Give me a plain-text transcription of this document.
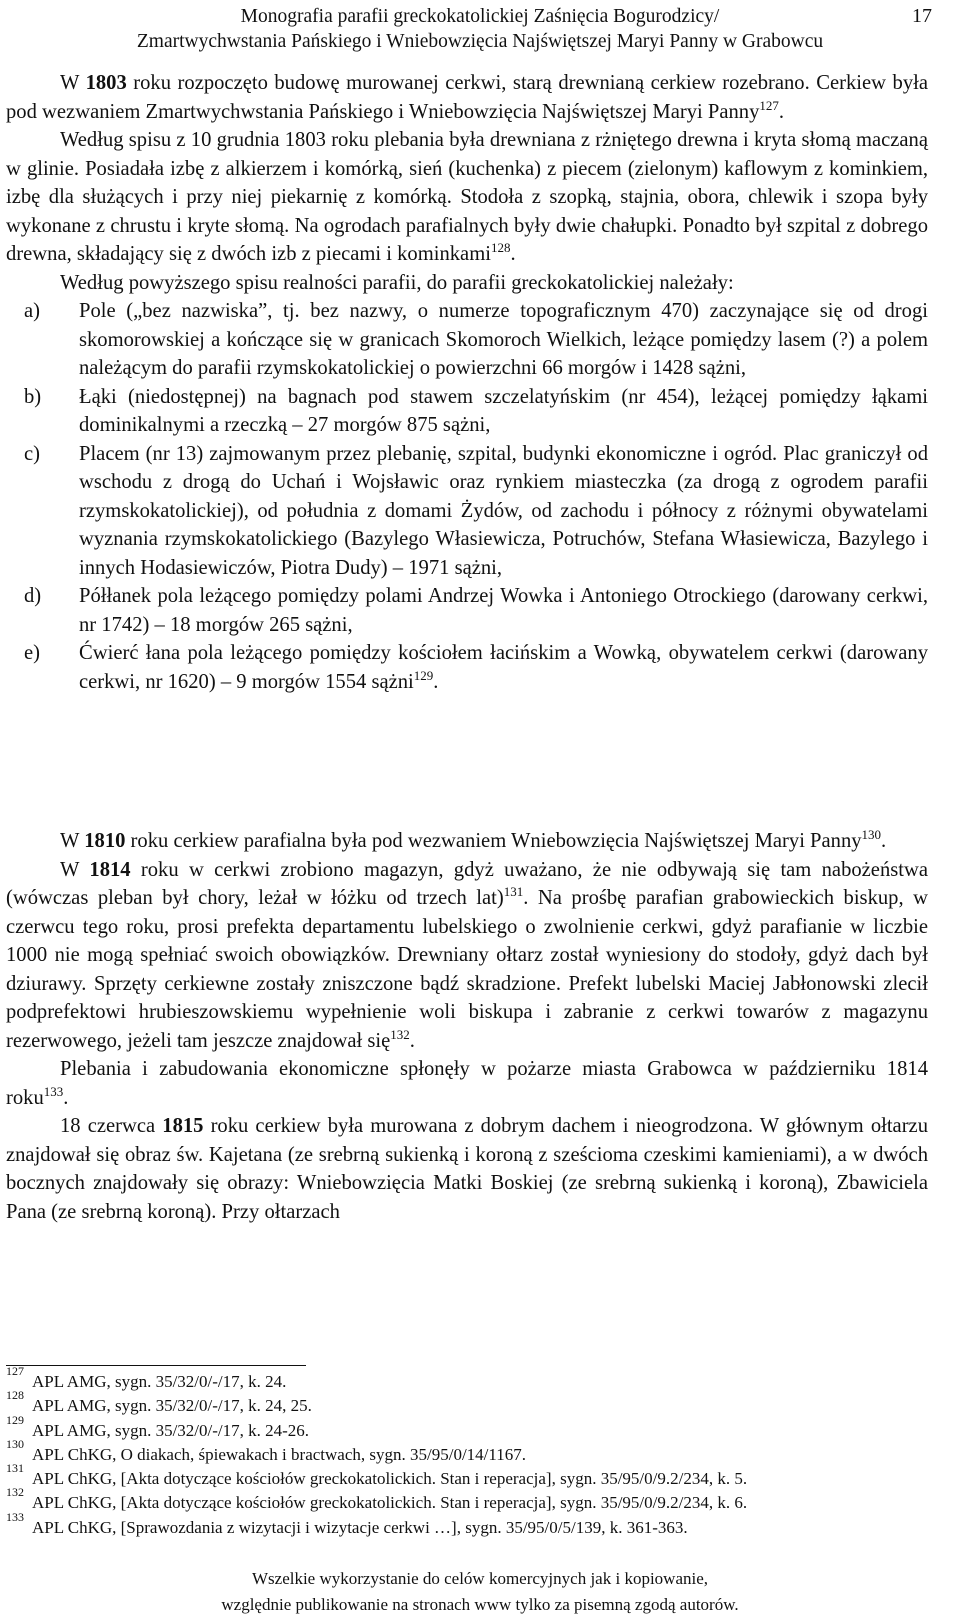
Monografia parafii greckokatolickiej Zaśnięcia Bogurodzicy/
Zmartwychwstania Pańskiego i Wniebowzięcia Najświętszej Maryi Panny w Grabowcu
17

W 1803 roku rozpoczęto budowę murowanej cerkwi, starą drewnianą cerkiew rozebrano. Cerkiew była pod wezwaniem Zmartwychwstania Pańskiego i Wniebowzięcia Najświętszej Maryi Panny$^{127}$.

Według spisu z 10 grudnia 1803 roku plebania była drewniana z rżniętego drewna i kryta słomą maczaną w glinie. Posiadała izbę z alkierzem i komórką, sień (kuchenka) z piecem (zielonym) kaflowym z kominkiem, izbę dla służących i przy niej piekarnię z komórką. Stodoła z szopką, stajnia, obora, chlewik i szopa były wykonane z chrustu i kryte słomą. Na ogrodach parafialnych były dwie chałupki. Ponadto był szpital z dobrego drewna, składający się z dwóch izb z piecami i kominkami$^{128}$.

Według powyższego spisu realności parafii, do parafii greckokatolickiej należały:

a) Pole („bez nazwiska”, tj. bez nazwy, o numerze topograficznym 470) zaczynające się od drogi skomorowskiej a kończące się w granicach Skomoroch Wielkich, leżące pomiędzy lasem (?) a polem należącym do parafii rzymskokatolickiej o powierzchni 66 morgów i 1428 sążni,
b) Łąki (niedostępnej) na bagnach pod stawem szczelatyńskim (nr 454), leżącej pomiędzy łąkami dominikalnymi a rzeczką – 27 morgów 875 sążni,
c) Placem (nr 13) zajmowanym przez plebanię, szpital, budynki ekonomiczne i ogród. Plac graniczył od wschodu z drogą do Uchań i Wojsławic oraz rynkiem miasteczka (za drogą z ogrodem parafii rzymskokatolickiej), od południa z domami Żydów, od zachodu i północy z różnymi obywatelami wyznania rzymskokatolickiego (Bazylego Własiewicza, Potruchów, Stefana Własiewicza, Bazylego i innych Hodasiewiczów, Piotra Dudy) – 1971 sążni,
d) Półłanek pola leżącego pomiędzy polami Andrzej Wowka i Antoniego Otrockiego (darowany cerkwi, nr 1742) – 18 morgów 265 sążni,
e) Ćwierć łana pola leżącego pomiędzy kościołem łacińskim a Wowką, obywatelem cerkwi (darowany cerkwi, nr 1620) – 9 morgów 1554 sążni$^{129}$.

W 1810 roku cerkiew parafialna była pod wezwaniem Wniebowzięcia Najświętszej Maryi Panny$^{130}$.

W 1814 roku w cerkwi zrobiono magazyn, gdyż uważano, że nie odbywają się tam nabożeństwa (wówczas pleban był chory, leżał w łóżku od trzech lat)$^{131}$. Na prośbę parafian grabowieckich biskup, w czerwcu tego roku, prosi prefekta departamentu lubelskiego o zwolnienie cerkwi, gdyż parafianie w liczbie 1000 nie mogą spełniać swoich obowiązków. Drewniany ołtarz został wyniesiony do stodoły, gdyż dach był dziurawy. Sprzęty cerkiewne zostały zniszczone bądź skradzione. Prefekt lubelski Maciej Jabłonowski zlecił podprefektowi hrubieszowskiemu wypełnienie woli biskupa i zabranie z cerkwi towarów z magazynu rezerwowego, jeżeli tam jeszcze znajdował się$^{132}$.

Plebania i zabudowania ekonomiczne spłonęły w pożarze miasta Grabowca w październiku 1814 roku$^{133}$.

18 czerwca 1815 roku cerkiew była murowana z dobrym dachem i nieogrodzona. W głównym ołtarzu znajdował się obraz św. Kajetana (ze srebrną sukienką i koroną z sześcioma czeskimi kamieniami), a w dwóch bocznych znajdowały się obrazy: Wniebowzięcia Matki Boskiej (ze srebrną sukienką i koroną), Zbawiciela Pana (ze srebrną koroną). Przy ołtarzach

127
APL AMG, sygn. 35/32/0/-/17, k. 24.
128
APL AMG, sygn. 35/32/0/-/17, k. 24, 25.
129
APL AMG, sygn. 35/32/0/-/17, k. 24-26.
130
APL ChKG, O diakach, śpiewakach i bractwach, sygn. 35/95/0/14/1167.
131
APL ChKG, [Akta dotyczące kościołów greckokatolickich. Stan i reperacja], sygn. 35/95/0/9.2/234, k. 5.
132
APL ChKG, [Akta dotyczące kościołów greckokatolickich. Stan i reperacja], sygn. 35/95/0/9.2/234, k. 6.
133
APL ChKG, [Sprawozdania z wizytacji i wizytacje cerkwi …], sygn. 35/95/0/5/139, k. 361-363.
Wszelkie wykorzystanie do celów komercyjnych jak i kopiowanie,
względnie publikowanie na stronach www tylko za pisemną zgodą autorów.
